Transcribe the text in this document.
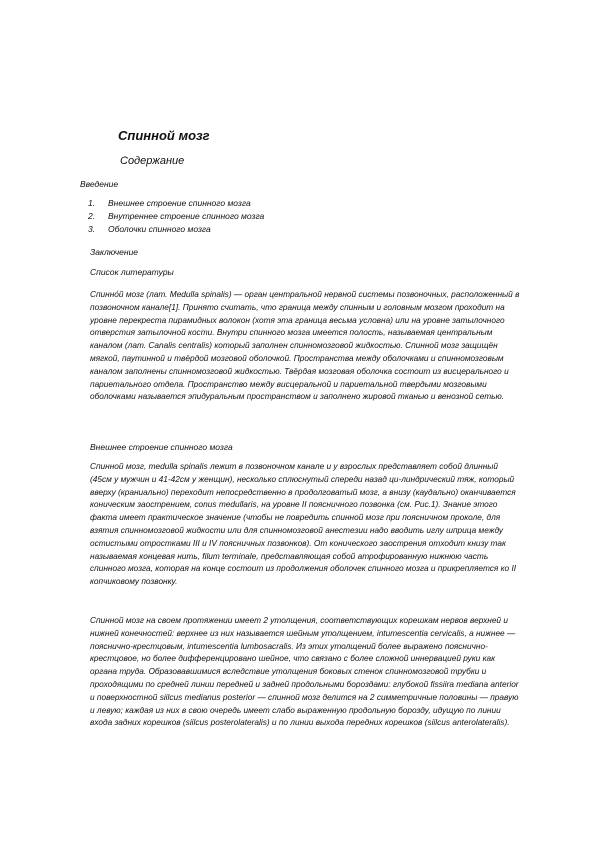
Спинной мозг

Содержание

Введение

1. Внешнее строение спинного мозга
2. Внутреннее строение спинного мозга
3. Оболочки спинного мозга

Заключение

Список литературы

Спинно́й мозг (лат. Medulla spinalis) — орган центральной нервной системы позвоночных, расположенный в позвоночном канале[1]. Принято считать, что граница между спинным и головным мозгом проходит на уровне перекреста пирамидных волокон (хотя эта граница весьма условна) или на уровне затылочного отверстия затылочной кости. Внутри спинного мозга имеется полость, называемая центральным каналом (лат. Canalis centralis) который заполнен спинномозговой жидкостью. Спинной мозг защищён мягкой, паутинной и твёрдой мозговой оболочкой. Пространства между оболочками и спинномозговым каналом заполнены спинномозговой жидкостью. Твёрдая мозговая оболочка состоит из висцерального и париетального отдела. Пространство между висцеральной и париетальной твердыми мозговыми оболочками называется эпидуральным пространством и заполнено жировой тканью и венозной сетью.

Внешнее строение спинного мозга

Спинной мозг, medulla spinalis лежит в позвоночном канале и у взрослых представляет собой длинный (45см у мужчин и 41-42см у женщин), несколько сплюснутый спереди назад ци-линдрический тяж, который вверху (краниально) переходит непосредственно в продолговатый мозг, а внизу (каудально) оканчивается коническим заострением, conus medullaris, на уровне II поясничного позвонка (см. Рис.1). Знание этого факта имеет практическое значение (чтобы не повредить спинной мозг при поясничном проколе, для взятия спинномозговой жидкости или для спинномозговой анестезии надо вводить иглу шприца между остистыми отростками III и IV поясничных позвонков). От конического заострения отходит книзу так называемая концевая нить, filum terminale, представляющая собой атрофированную нижнюю часть спинного мозга, которая на конце состоит из продолжения оболочек спинного мозга и прикрепляется ко II копчиковому позвонку.

Спинной мозг на своем протяжении имеет 2 утолщения, соответствующих корешкам нервов верхней и нижней конечностей: верхнее из них называется шейным утолщением, intumescentia cervicalis, а нижнее — пояснично-крестцовым, intumescentia lumbosacralis. Из этих утолщений более выражено пояснично-крестцовое, но более дифференцировано шейное, что связано с более сложной иннервацией руки как органа труда. Образовавшимися вследствие утолщения боковых стенок спинномозговой трубки и проходящими по средней линии передней и задней продольными бороздами: глубокой fissiira mediana anterior и поверхностной siilcus medianus posterior — спинной мозг делится на 2 симметричные половины — правую и левую; каждая из них в свою очередь имеет слабо выраженную продольную борозду, идущую по линии входа задних корешков (siilcus posterolateralis) и по линии выхода передних корешков (siilcus anterolateralis).
